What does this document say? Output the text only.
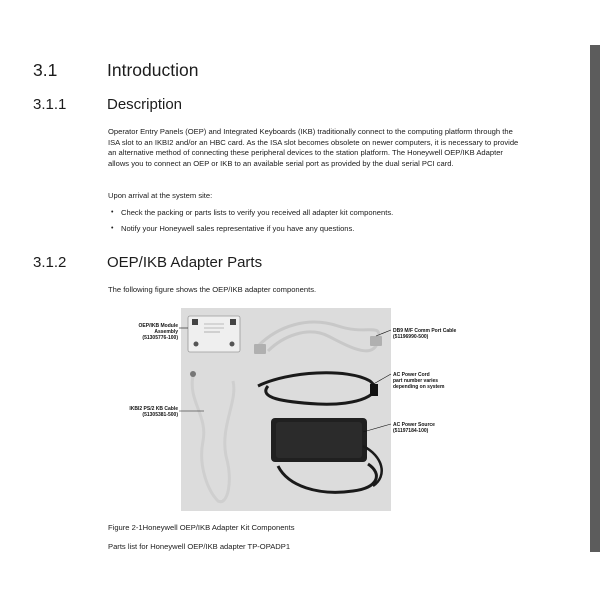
3.1	Introduction
3.1.1	Description

Operator Entry Panels (OEP) and Integrated Keyboards (IKB) traditionally connect to the computing platform through the ISA slot to an IKBI2 and/or an HBC card. As the ISA slot becomes obsolete on newer computers, it is necessary to provide an alternative method of connecting these peripheral devices to the station platform. The Honeywell OEP/IKB Adapter allows you to connect an OEP or IKB to an available serial port as provided by the dual serial PCI card.

Upon arrival at the system site:

• Check the packing or parts lists to verify you received all adapter kit components.
• Notify your Honeywell sales representative if you have any questions.
3.1.2	OEP/IKB Adapter Parts

The following figure shows the OEP/IKB adapter components.

OEP/IKB Module
Assembly
(51305776-100)
IKBI2 PS/2 KB Cable
(51305381-500)
DB9 M/F Comm Port Cable
(51196990-500)
AC Power Cord
part number varies
depending on system
AC Power Source
(51197184-100)
Figure 2-1Honeywell OEP/IKB Adapter Kit Components
Parts list for Honeywell OEP/IKB adapter TP-OPADP1
